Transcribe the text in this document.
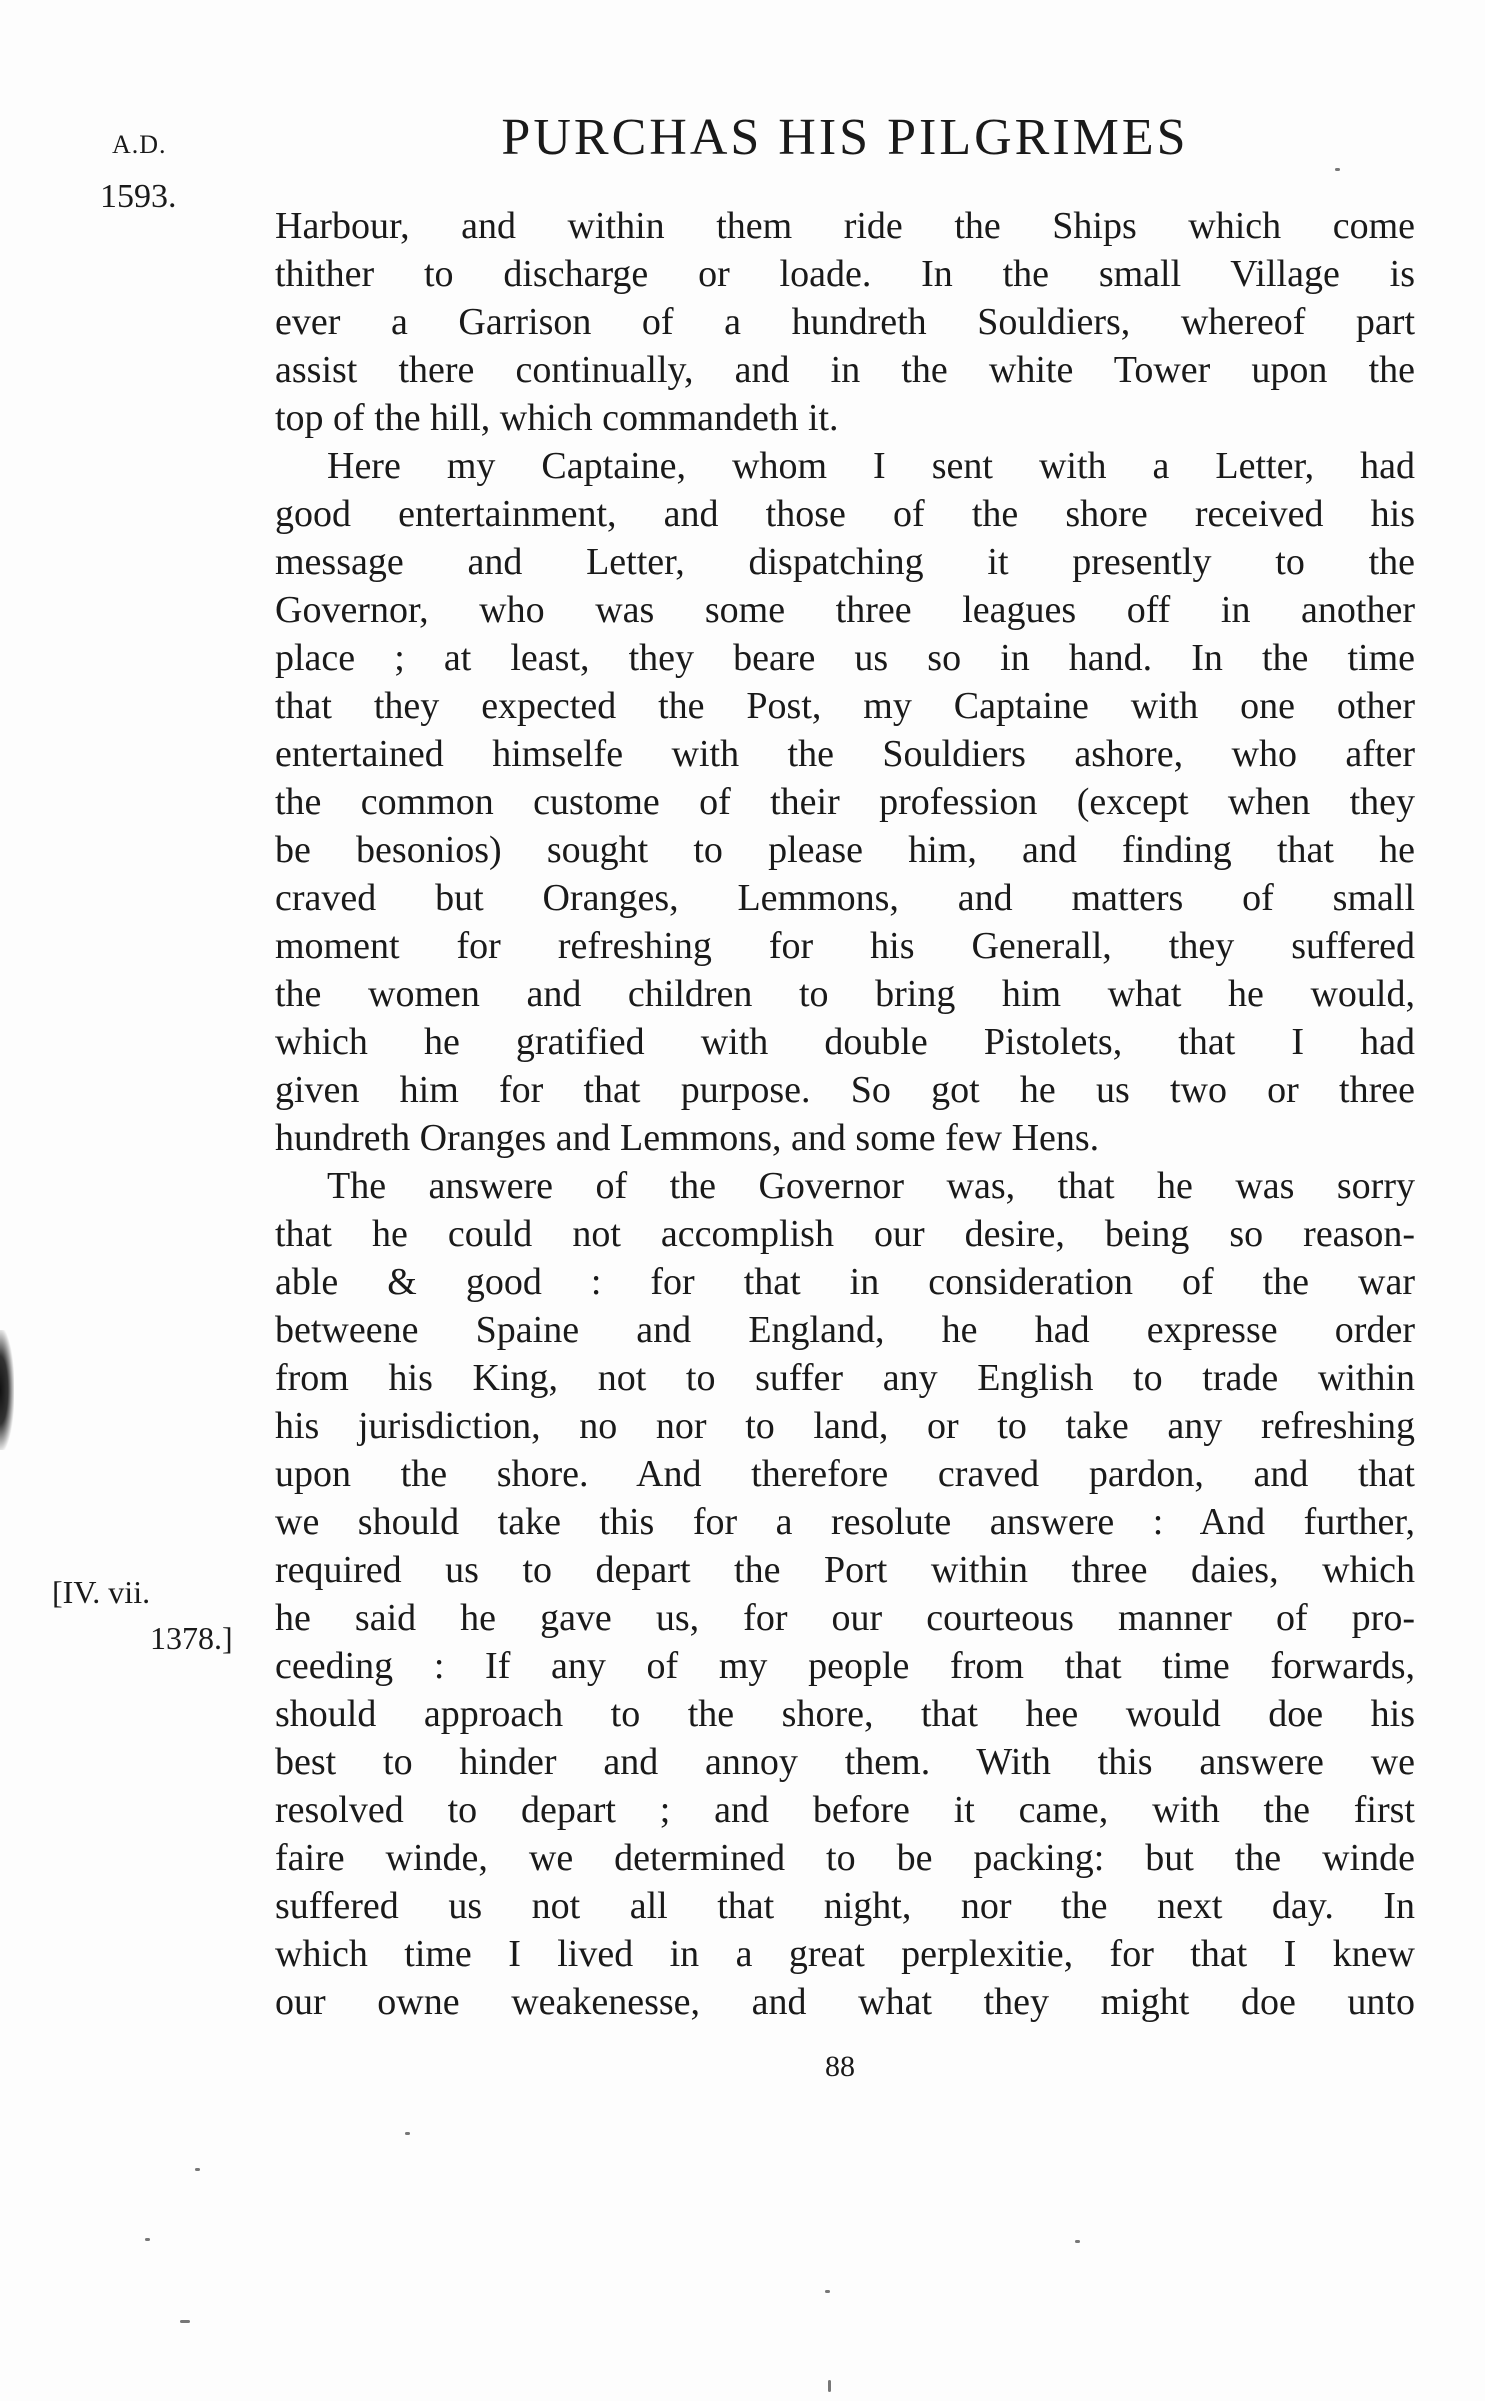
PURCHAS HIS PILGRIMES
A.D.
1593.
[IV. vii.
1378.]
Harbour, and within them ride the Ships which come
thither to discharge or loade. In the small Village is
ever a Garrison of a hundreth Souldiers, whereof part
assist there continually, and in the white Tower upon the
top of the hill, which commandeth it.
Here my Captaine, whom I sent with a Letter, had
good entertainment, and those of the shore received his
message and Letter, dispatching it presently to the
Governor, who was some three leagues off in another
place ; at least, they beare us so in hand. In the time
that they expected the Post, my Captaine with one other
entertained himselfe with the Souldiers ashore, who after
the common custome of their profession (except when they
be besonios) sought to please him, and finding that he
craved but Oranges, Lemmons, and matters of small
moment for refreshing for his Generall, they suffered
the women and children to bring him what he would,
which he gratified with double Pistolets, that I had
given him for that purpose. So got he us two or three
hundreth Oranges and Lemmons, and some few Hens.
The answere of the Governor was, that he was sorry
that he could not accomplish our desire, being so reason-
able & good : for that in consideration of the war
betweene Spaine and England, he had expresse order
from his King, not to suffer any English to trade within
his jurisdiction, no nor to land, or to take any refreshing
upon the shore. And therefore craved pardon, and that
we should take this for a resolute answere : And further,
required us to depart the Port within three daies, which
he said he gave us, for our courteous manner of pro-
ceeding : If any of my people from that time forwards,
should approach to the shore, that hee would doe his
best to hinder and annoy them. With this answere we
resolved to depart ; and before it came, with the first
faire winde, we determined to be packing: but the winde
suffered us not all that night, nor the next day. In
which time I lived in a great perplexitie, for that I knew
our owne weakenesse, and what they might doe unto
88
